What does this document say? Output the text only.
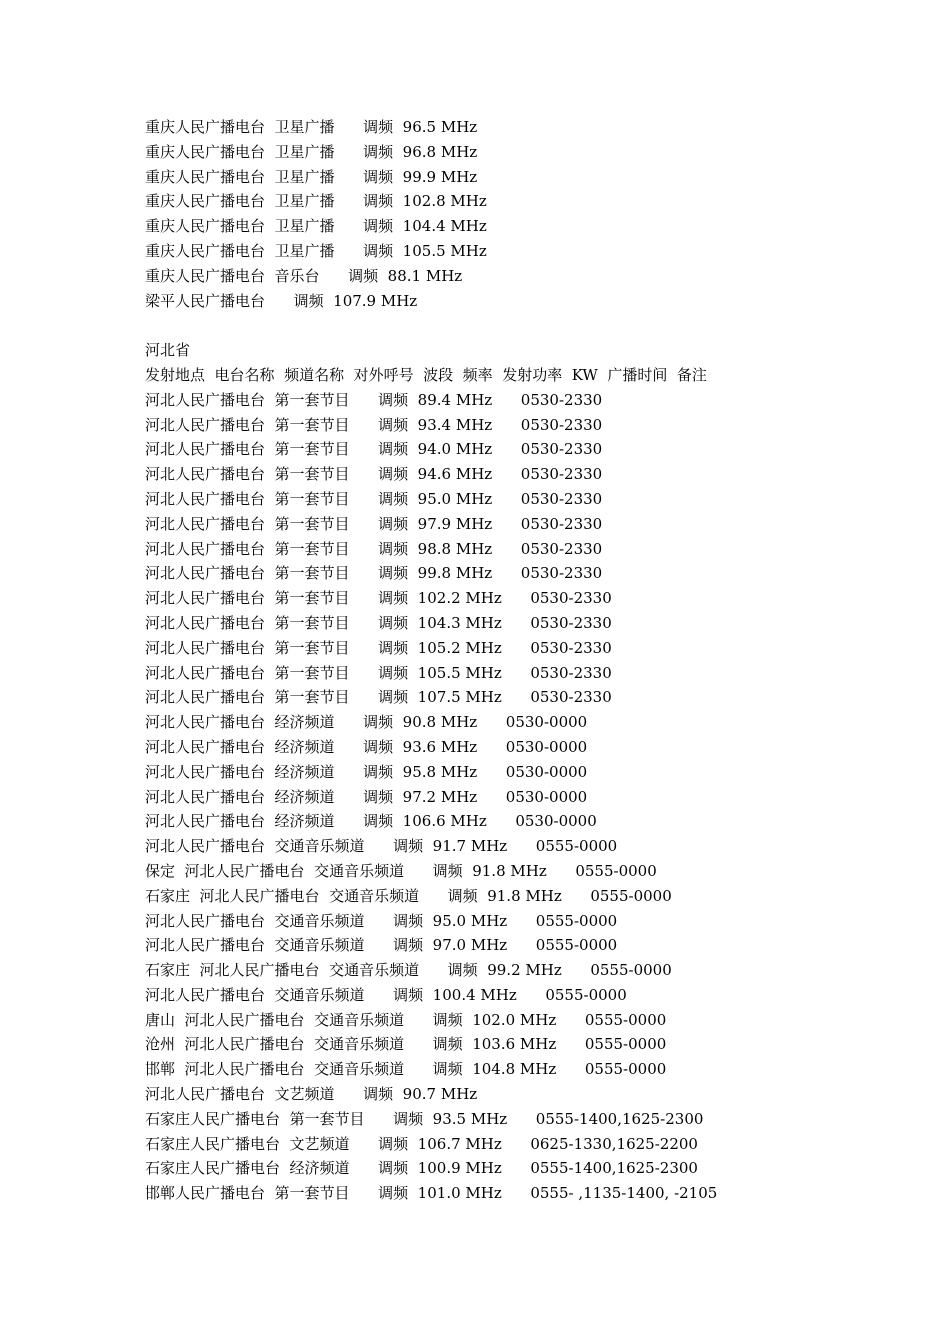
重庆人民广播电台  卫星广播      调频  96.5 MHz
重庆人民广播电台  卫星广播      调频  96.8 MHz
重庆人民广播电台  卫星广播      调频  99.9 MHz
重庆人民广播电台  卫星广播      调频  102.8 MHz
重庆人民广播电台  卫星广播      调频  104.4 MHz
重庆人民广播电台  卫星广播      调频  105.5 MHz
重庆人民广播电台  音乐台      调频  88.1 MHz
梁平人民广播电台      调频  107.9 MHz
河北省
发射地点  电台名称  频道名称  对外呼号  波段  频率  发射功率  KW  广播时间  备注
河北人民广播电台  第一套节目      调频  89.4 MHz      0530-2330
河北人民广播电台  第一套节目      调频  93.4 MHz      0530-2330
河北人民广播电台  第一套节目      调频  94.0 MHz      0530-2330
河北人民广播电台  第一套节目      调频  94.6 MHz      0530-2330
河北人民广播电台  第一套节目      调频  95.0 MHz      0530-2330
河北人民广播电台  第一套节目      调频  97.9 MHz      0530-2330
河北人民广播电台  第一套节目      调频  98.8 MHz      0530-2330
河北人民广播电台  第一套节目      调频  99.8 MHz      0530-2330
河北人民广播电台  第一套节目      调频  102.2 MHz      0530-2330
河北人民广播电台  第一套节目      调频  104.3 MHz      0530-2330
河北人民广播电台  第一套节目      调频  105.2 MHz      0530-2330
河北人民广播电台  第一套节目      调频  105.5 MHz      0530-2330
河北人民广播电台  第一套节目      调频  107.5 MHz      0530-2330
河北人民广播电台  经济频道      调频  90.8 MHz      0530-0000
河北人民广播电台  经济频道      调频  93.6 MHz      0530-0000
河北人民广播电台  经济频道      调频  95.8 MHz      0530-0000
河北人民广播电台  经济频道      调频  97.2 MHz      0530-0000
河北人民广播电台  经济频道      调频  106.6 MHz      0530-0000
河北人民广播电台  交通音乐频道      调频  91.7 MHz      0555-0000
保定  河北人民广播电台  交通音乐频道      调频  91.8 MHz      0555-0000
石家庄  河北人民广播电台  交通音乐频道      调频  91.8 MHz      0555-0000
河北人民广播电台  交通音乐频道      调频  95.0 MHz      0555-0000
河北人民广播电台  交通音乐频道      调频  97.0 MHz      0555-0000
石家庄  河北人民广播电台  交通音乐频道      调频  99.2 MHz      0555-0000
河北人民广播电台  交通音乐频道      调频  100.4 MHz      0555-0000
唐山  河北人民广播电台  交通音乐频道      调频  102.0 MHz      0555-0000
沧州  河北人民广播电台  交通音乐频道      调频  103.6 MHz      0555-0000
邯郸  河北人民广播电台  交通音乐频道      调频  104.8 MHz      0555-0000
河北人民广播电台  文艺频道      调频  90.7 MHz
石家庄人民广播电台  第一套节目      调频  93.5 MHz      0555-1400,1625-2300
石家庄人民广播电台  文艺频道      调频  106.7 MHz      0625-1330,1625-2200
石家庄人民广播电台  经济频道      调频  100.9 MHz      0555-1400,1625-2300
邯郸人民广播电台  第一套节目      调频  101.0 MHz      0555- ,1135-1400, -2105
